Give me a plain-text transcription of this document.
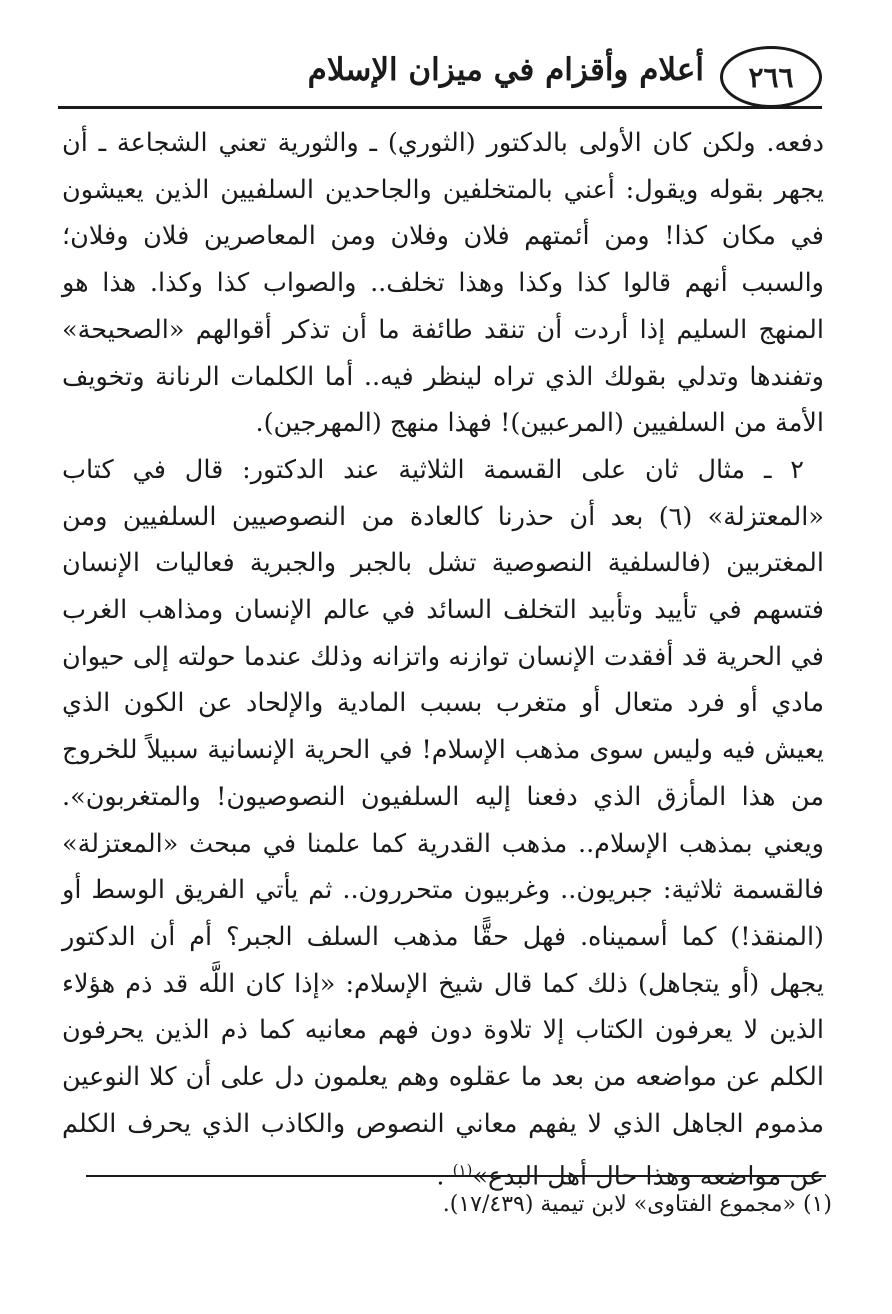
٢٦٦
أعلام وأقزام في ميزان الإسلام

دفعه. ولكن كان الأولى بالدكتور (الثوري) ـ والثورية تعني الشجاعة ـ أن يجهر بقوله ويقول: أعني بالمتخلفين والجاحدين السلفيين الذين يعيشون في مكان كذا! ومن أئمتهم فلان وفلان ومن المعاصرين فلان وفلان؛ والسبب أنهم قالوا كذا وكذا وهذا تخلف.. والصواب كذا وكذا. هذا هو المنهج السليم إذا أردت أن تنقد طائفة ما أن تذكر أقوالهم «الصحيحة» وتفندها وتدلي بقولك الذي تراه لينظر فيه.. أما الكلمات الرنانة وتخويف الأمة من السلفيين (المرعبين)! فهذا منهج (المهرجين).

٢ ـ مثال ثان على القسمة الثلاثية عند الدكتور: قال في كتاب «المعتزلة» (٦) بعد أن حذرنا كالعادة من النصوصيين السلفيين ومن المغتربين (فالسلفية النصوصية تشل بالجبر والجبرية فعاليات الإنسان فتسهم في تأييد وتأبيد التخلف السائد في عالم الإنسان ومذاهب الغرب في الحرية قد أفقدت الإنسان توازنه واتزانه وذلك عندما حولته إلى حيوان مادي أو فرد متعال أو متغرب بسبب المادية والإلحاد عن الكون الذي يعيش فيه وليس سوى مذهب الإسلام! في الحرية الإنسانية سبيلاً للخروج من هذا المأزق الذي دفعنا إليه السلفيون النصوصيون! والمتغربون». ويعني بمذهب الإسلام.. مذهب القدرية كما علمنا في مبحث «المعتزلة» فالقسمة ثلاثية: جبريون.. وغربيون متحررون.. ثم يأتي الفريق الوسط أو (المنقذ!) كما أسميناه. فهل حقًّا مذهب السلف الجبر؟ أم أن الدكتور يجهل (أو يتجاهل) ذلك كما قال شيخ الإسلام: «إذا كان اللَّه قد ذم هؤلاء الذين لا يعرفون الكتاب إلا تلاوة دون فهم معانيه كما ذم الذين يحرفون الكلم عن مواضعه من بعد ما عقلوه وهم يعلمون دل على أن كلا النوعين مذموم الجاهل الذي لا يفهم معاني النصوص والكاذب الذي يحرف الكلم عن مواضعه وهذا حال أهل البدع»$^{(١)}$ .

(١) «مجموع الفتاوى» لابن تيمية (١٧/٤٣٩).
